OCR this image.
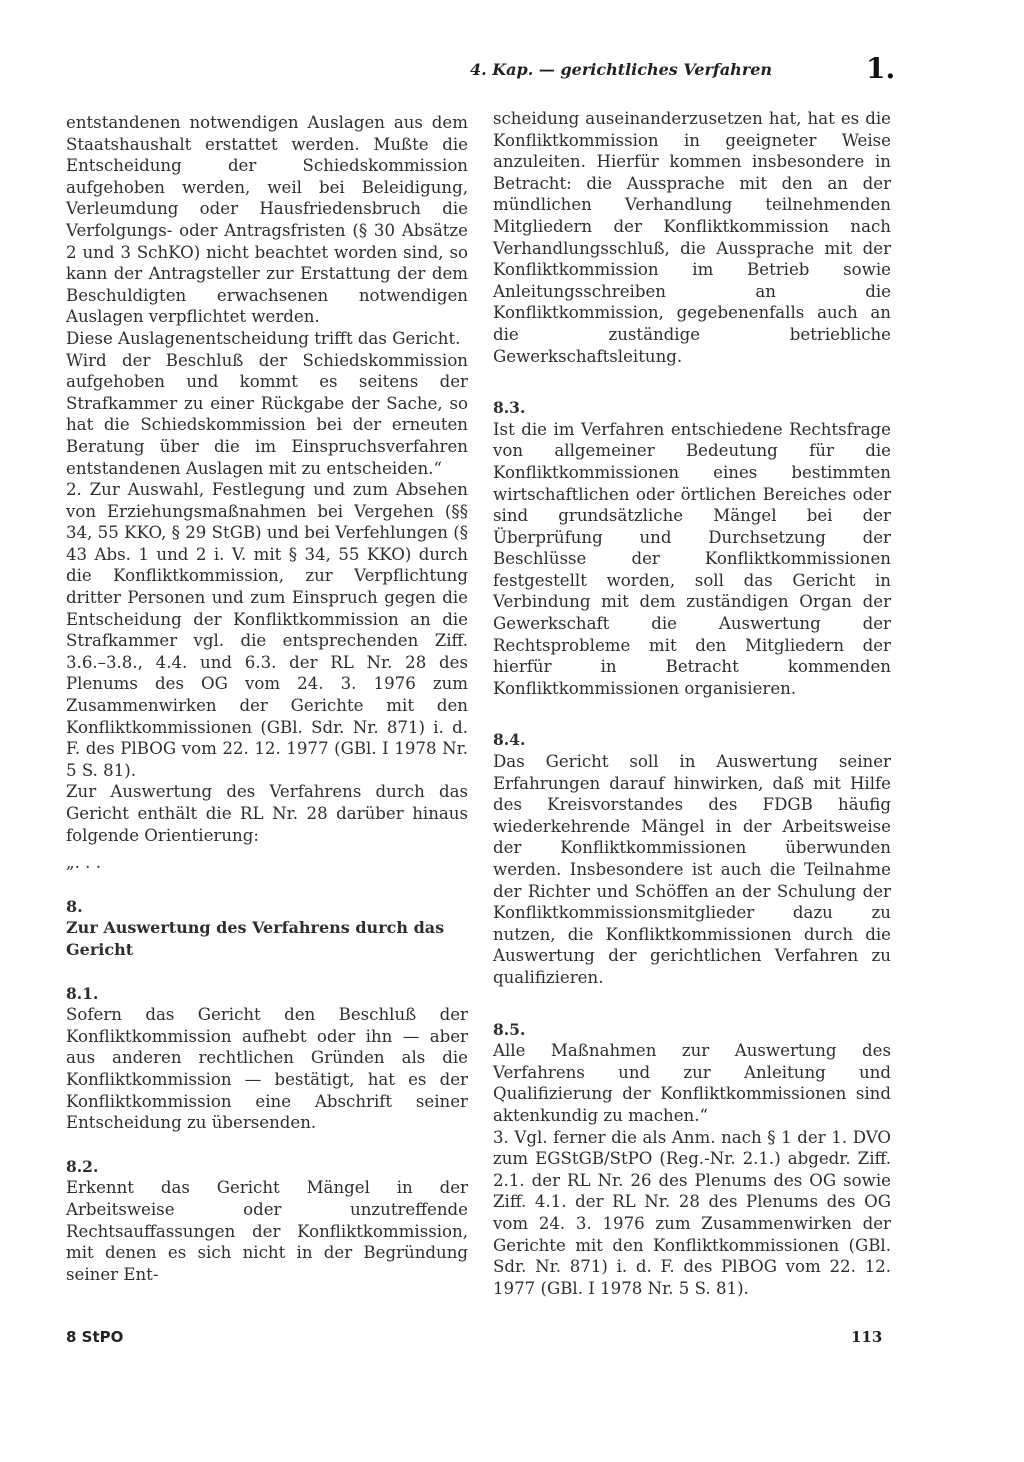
4. Kap. — gerichtliches Verfahren	1.

entstandenen notwendigen Auslagen aus dem Staatshaushalt erstattet werden. Mußte die Entscheidung der Schiedskommission aufgehoben werden, weil bei Beleidigung, Verleumdung oder Hausfriedensbruch die Verfolgungs- oder Antragsfristen (§ 30 Absätze 2 und 3 SchKO) nicht beachtet worden sind, so kann der Antragsteller zur Erstattung der dem Beschuldigten erwachsenen notwendigen Auslagen verpflichtet werden.

Diese Auslagenentscheidung trifft das Gericht.

Wird der Beschluß der Schiedskommission aufgehoben und kommt es seitens der Strafkammer zu einer Rückgabe der Sache, so hat die Schiedskommission bei der erneuten Beratung über die im Einspruchsverfahren entstandenen Auslagen mit zu entscheiden.“

2. Zur Auswahl, Festlegung und zum Absehen von Erziehungsmaßnahmen bei Vergehen (§§ 34, 55 KKO, § 29 StGB) und bei Verfehlungen (§ 43 Abs. 1 und 2 i. V. mit § 34, 55 KKO) durch die Konfliktkommission, zur Verpflichtung dritter Personen und zum Einspruch gegen die Entscheidung der Konfliktkommission an die Strafkammer vgl. die entsprechenden Ziff. 3.6.–3.8., 4.4. und 6.3. der RL Nr. 28 des Plenums des OG vom 24. 3. 1976 zum Zusammenwirken der Gerichte mit den Konfliktkommissionen (GBl. Sdr. Nr. 871) i. d. F. des PlBOG vom 22. 12. 1977 (GBl. I 1978 Nr. 5 S. 81).

Zur Auswertung des Verfahrens durch das Gericht enthält die RL Nr. 28 darüber hinaus folgende Orientierung:

„. . .

8.

Zur Auswertung des Verfahrens durch das Gericht

8.1.

Sofern das Gericht den Beschluß der Konfliktkommission aufhebt oder ihn — aber aus anderen rechtlichen Gründen als die Konfliktkommission — bestätigt, hat es der Konfliktkommission eine Abschrift seiner Entscheidung zu übersenden.

8.2.

Erkennt das Gericht Mängel in der Arbeitsweise oder unzutreffende Rechtsauffassungen der Konfliktkommission, mit denen es sich nicht in der Begründung seiner Ent-

scheidung auseinanderzusetzen hat, hat es die Konfliktkommission in geeigneter Weise anzuleiten. Hierfür kommen insbesondere in Betracht: die Aussprache mit den an der mündlichen Verhandlung teilnehmenden Mitgliedern der Konfliktkommission nach Verhandlungsschluß, die Aussprache mit der Konfliktkommission im Betrieb sowie Anleitungsschreiben an die Konfliktkommission, gegebenenfalls auch an die zuständige betriebliche Gewerkschaftsleitung.

8.3.

Ist die im Verfahren entschiedene Rechtsfrage von allgemeiner Bedeutung für die Konfliktkommissionen eines bestimmten wirtschaftlichen oder örtlichen Bereiches oder sind grundsätzliche Mängel bei der Überprüfung und Durchsetzung der Beschlüsse der Konfliktkommissionen festgestellt worden, soll das Gericht in Verbindung mit dem zuständigen Organ der Gewerkschaft die Auswertung der Rechtsprobleme mit den Mitgliedern der hierfür in Betracht kommenden Konfliktkommissionen organisieren.

8.4.

Das Gericht soll in Auswertung seiner Erfahrungen darauf hinwirken, daß mit Hilfe des Kreisvorstandes des FDGB häufig wiederkehrende Mängel in der Arbeitsweise der Konfliktkommissionen überwunden werden. Insbesondere ist auch die Teilnahme der Richter und Schöffen an der Schulung der Konfliktkommissionsmitglieder dazu zu nutzen, die Konfliktkommissionen durch die Auswertung der gerichtlichen Verfahren zu qualifizieren.

8.5.

Alle Maßnahmen zur Auswertung des Verfahrens und zur Anleitung und Qualifizierung der Konfliktkommissionen sind aktenkundig zu machen.“

3. Vgl. ferner die als Anm. nach § 1 der 1. DVO zum EGStGB/StPO (Reg.-Nr. 2.1.) abgedr. Ziff. 2.1. der RL Nr. 26 des Plenums des OG sowie Ziff. 4.1. der RL Nr. 28 des Plenums des OG vom 24. 3. 1976 zum Zusammenwirken der Gerichte mit den Konfliktkommissionen (GBl. Sdr. Nr. 871) i. d. F. des PlBOG vom 22. 12. 1977 (GBl. I 1978 Nr. 5 S. 81).

8 StPO	113
